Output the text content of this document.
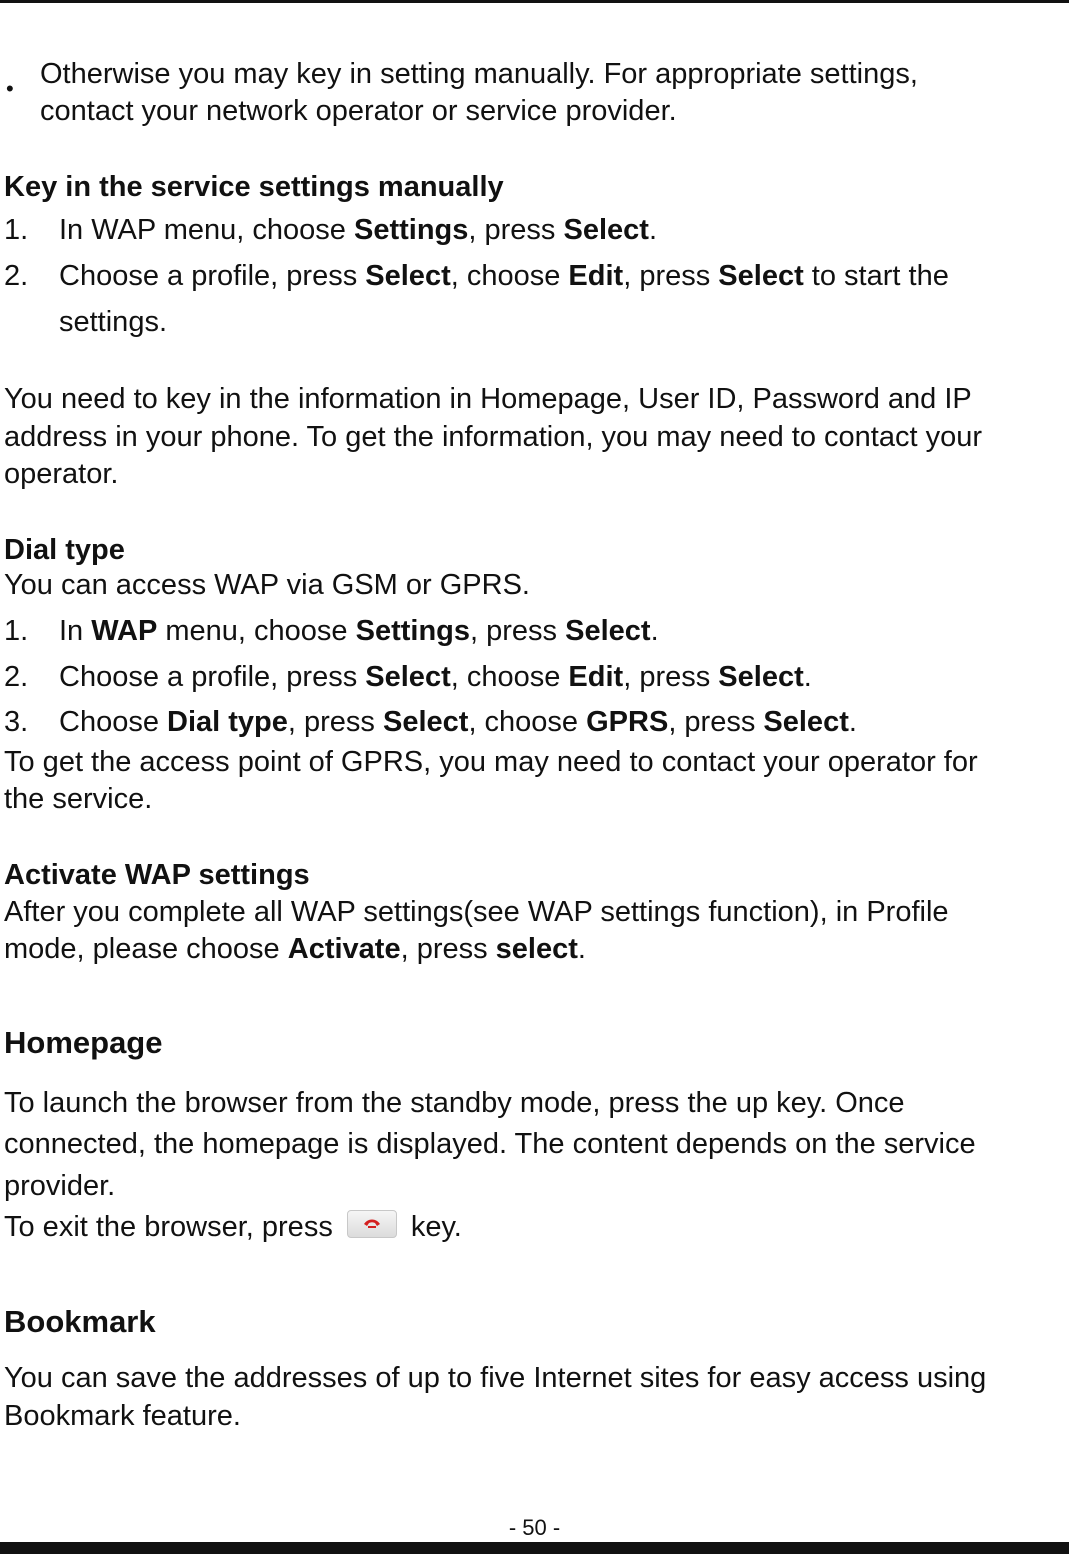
• Otherwise you may key in setting manually. For appropriate settings,
contact your network operator or service provider.
Key in the service settings manually
1. In WAP menu, choose Settings, press Select.
2. Choose a profile, press Select, choose Edit, press Select to start the
settings.
You need to key in the information in Homepage, User ID, Password and IP
address in your phone. To get the information, you may need to contact your
operator.
Dial type
You can access WAP via GSM or GPRS.
1. In WAP menu, choose Settings, press Select.
2. Choose a profile, press Select, choose Edit, press Select.
3. Choose Dial type, press Select, choose GPRS, press Select.
To get the access point of GPRS, you may need to contact your operator for
the service.
Activate WAP settings
After you complete all WAP settings(see WAP settings function), in Profile
mode, please choose Activate, press select.
Homepage
To launch the browser from the standby mode, press the up key. Once
connected, the homepage is displayed. The content depends on the service
provider.
To exit the browser, press	key.
Bookmark
You can save the addresses of up to five Internet sites for easy access using
Bookmark feature.
- 50 -
